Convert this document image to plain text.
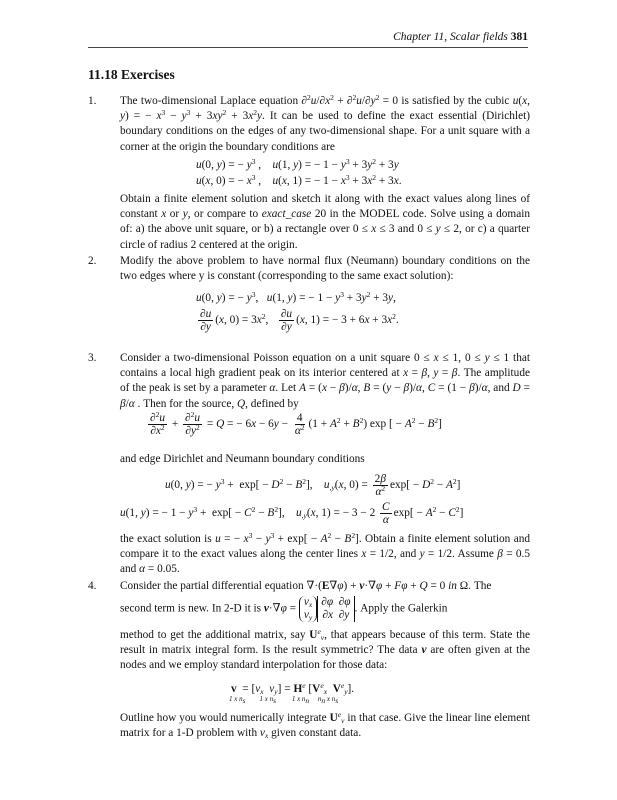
Chapter 11, Scalar fields 381
11.18 Exercises
1. The two-dimensional Laplace equation $\partial^2u/\partial x^2 + \partial^2u/\partial y^2 = 0$ is satisfied by the cubic u(x, y) = − $x^3 - y^3 + 3xy^2 + 3x^2y$. It can be used to define the exact essential (Dirichlet) boundary conditions on the edges of any two-dimensional shape. For a unit square with a corner at the origin the boundary conditions are
u(0, y) = − $y^3$ ,    u(1, y) = − $1 - y^3 + 3y^2 + 3y$
u(x, 0) = − $x^3$ ,    u(x, 1) = − $1 - x^3 + 3x^2 + 3x$.
Obtain a finite element solution and sketch it along with the exact values along lines of constant x or y, or compare to exact_case 20 in the MODEL code. Solve using a domain of: a) the above unit square, or b) a rectangle over 0 ≤ x ≤ 3 and 0 ≤ y ≤ 2, or c) a quarter circle of radius 2 centered at the origin.
2. Modify the above problem to have normal flux (Neumann) boundary conditions on the two edges where y is constant (corresponding to the same exact solution):
u(0, y) = − $y^3$,   u(1, y) = − $1 - y^3 + 3y^2 + 3y$,
$\frac{\partial u}{\partial y} (x$, $0) = 3x^2$, $\frac{\partial u}{\partial y} (x$, 1) = − $3 + 6x + 3x^2$.
3. Consider a two-dimensional Poisson equation on a unit square 0 ≤ x ≤ 1, 0 ≤ y ≤ 1 that contains a local high gradient peak on its interior centered at x = β, y = β. The amplitude of the peak is set by a parameter α. Let A = (x − β)/α, B = (y − β)/α, C = (1 − β)/α, and D = β/α . Then for the source, Q, defined by
$\frac{\partial^2u}{\partial x^2} + \frac{\partial^2u}{\partial y^2} = Q$ = − $6x - 6y - \frac{4}{\alpha^2} (1 + A^2 + B^2)$ exp [ − $A^2 - B^2$]
and edge Dirichlet and Neumann boundary conditions
u(0, y) = − $y^3 + \exp[ - D^2 - B^2]$,    $u_{,y}(x$, $0) = \frac{2\beta}{\alpha^2} \exp[ - D^2 - A^2]$
u(1, y) = − $1 - y^3 + \exp[ - C^2 - B^2]$,    $u_{,y}(x$, 1) = − $3 - 2 \frac{C}{\alpha} \exp[ - A^2 - C^2]$
the exact solution is u = − $x^3 - y^3 + \exp[ - A^2 - B^2]$. Obtain a finite element solution and compare it to the exact values along the center lines x = 1/2, and y = 1/2. Assume β = 0.5 and α = 0.05.
4. Consider the partial differential equation ∇·(E∇φ) + v·∇φ + Fφ + Q = 0 in Ω. The
second term is new. In 2-D it is $v\cdot\nabla\varphi = v_x$
$v_y\partial\varphi$  ∂φ
∂x  ∂y. Apply the Galerkin
method to get the additional matrix, say $U^e_v$, that appears because of this term. State the result in matrix integral form. Is the result symmetric? The data v are often given at the nodes and we employ standard interpolation for those data:
$v = [v_x$ $v_y] = H^e$ [$V^e_x$ $V^e_y$].
1 x $n_s$        1 x $n_s$         1 x $n_n$     $n_n$ x $n_s$
Outline how you would numerically integrate $U^e_v$ in that case. Give the linear line element matrix for a 1-D problem with $v_x$ given constant data.
